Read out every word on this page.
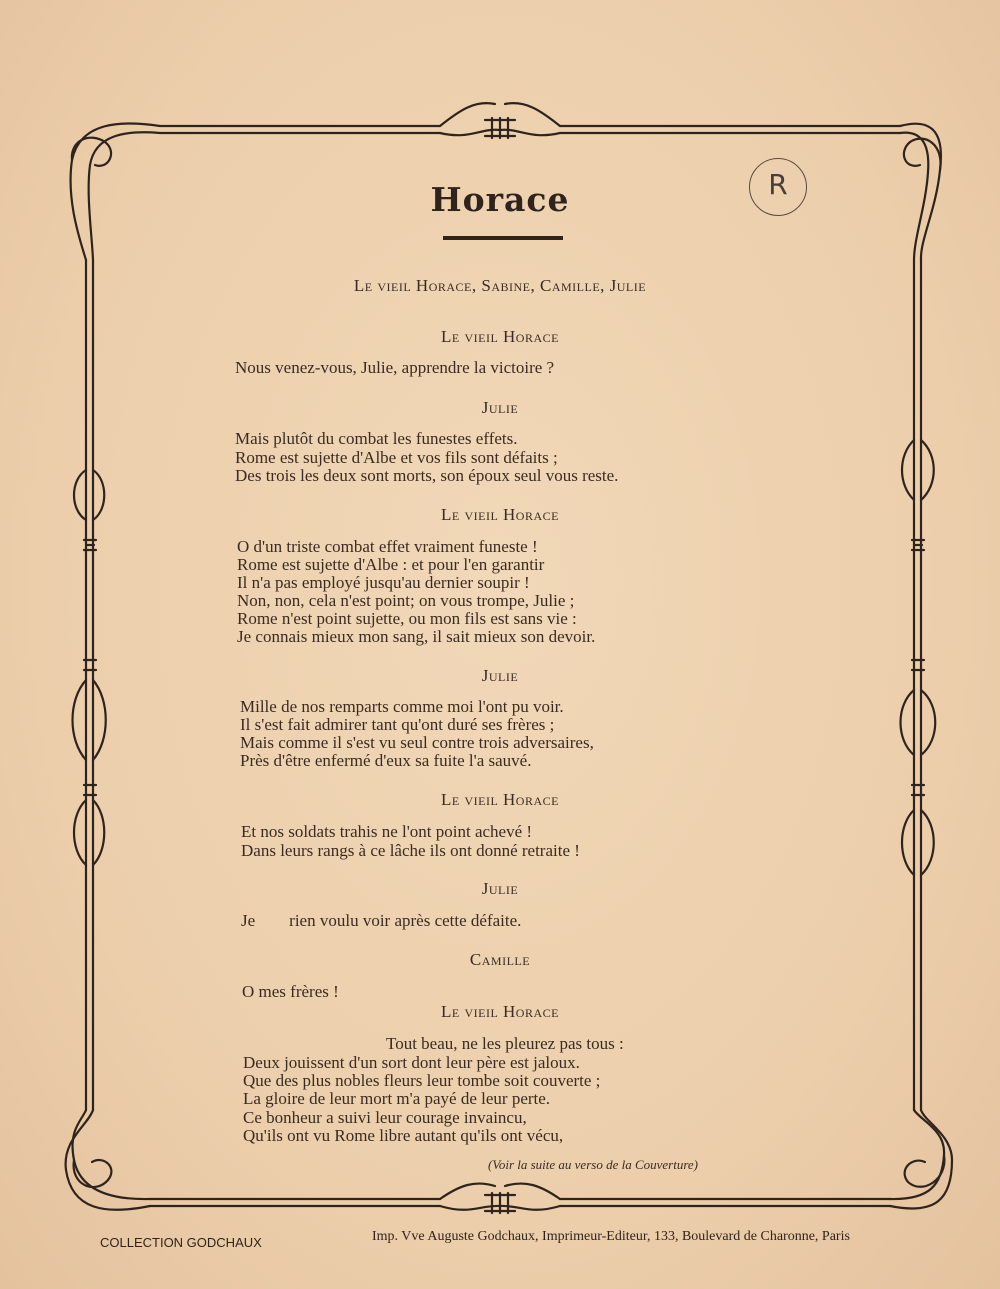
Horace	R
Le vieil Horace, Sabine, Camille, Julie
Le vieil Horace
Nous venez-vous, Julie, apprendre la victoire ?
Julie
Mais plutôt du combat les funestes effets.
Rome est sujette d'Albe et vos fils sont défaits ;
Des trois les deux sont morts, son époux seul vous reste.
Le vieil Horace
O d'un triste combat effet vraiment funeste !
Rome est sujette d'Albe : et pour l'en garantir
Il n'a pas employé jusqu'au dernier soupir !
Non, non, cela n'est point; on vous trompe, Julie ;
Rome n'est point sujette, ou mon fils est sans vie :
Je connais mieux mon sang, il sait mieux son devoir.
Julie
Mille de nos remparts comme moi l'ont pu voir.
Il s'est fait admirer tant qu'ont duré ses frères ;
Mais comme il s'est vu seul contre trois adversaires,
Près d'être enfermé d'eux sa fuite l'a sauvé.
Le vieil Horace
Et nos soldats trahis ne l'ont point achevé !
Dans leurs rangs à ce lâche ils ont donné retraite !
Julie
Je        rien voulu voir après cette défaite.
Camille
O mes frères !
Le vieil Horace
Tout beau, ne les pleurez pas tous :
Deux jouissent d'un sort dont leur père est jaloux.
Que des plus nobles fleurs leur tombe soit couverte ;
La gloire de leur mort m'a payé de leur perte.
Ce bonheur a suivi leur courage invaincu,
Qu'ils ont vu Rome libre autant qu'ils ont vécu,
(Voir la suite au verso de la Couverture)
COLLECTION GODCHAUX	Imp. Vve Auguste Godchaux, Imprimeur-Editeur, 133, Boulevard de Charonne, Paris
